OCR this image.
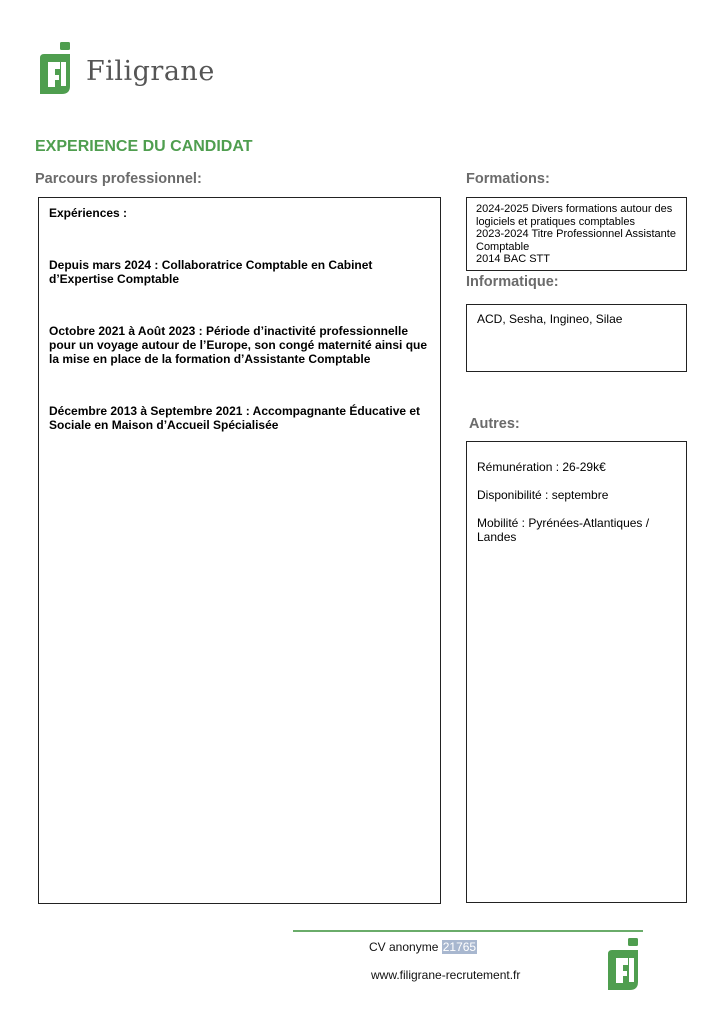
Filigrane
EXPERIENCE DU CANDIDAT
Parcours professionnel:

Expériences :

Depuis mars 2024 : Collaboratrice Comptable en Cabinet d’Expertise Comptable

Octobre 2021 à Août 2023 : Période d’inactivité professionnelle pour un voyage autour de l’Europe, son congé maternité ainsi que la mise en place de la formation d’Assistante Comptable

Décembre 2013 à Septembre 2021 : Accompagnante Éducative et Sociale en Maison d’Accueil Spécialisée

Formations:
2024-2025 Divers formations autour des logiciels et pratiques comptables
2023-2024 Titre Professionnel Assistante Comptable
2014 BAC STT
Informatique:
ACD, Sesha, Ingineo, Silae
Autres:

Rémunération : 26-29k€

Disponibilité : septembre

Mobilité : Pyrénées-Atlantiques / Landes

CV anonyme 21765
www.filigrane-recrutement.fr
